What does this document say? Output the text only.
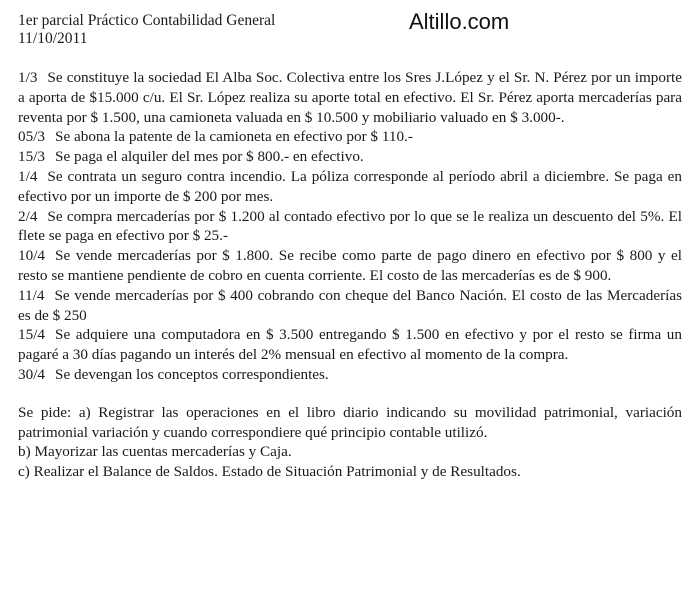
1er parcial Práctico Contabilidad General
11/10/2011
Altillo.com

1/3 Se constituye la sociedad El Alba Soc. Colectiva entre los Sres J.López y el Sr. N. Pérez por un importe a aporta de $15.000 c/u. El Sr. López realiza su aporte total en efectivo. El Sr. Pérez aporta mercaderías para reventa por $ 1.500, una camioneta valuada en $ 10.500 y mobiliario valuado en $ 3.000-.

05/3 Se abona la patente de la camioneta en efectivo por $ 110.-

15/3 Se paga el alquiler del mes por $ 800.- en efectivo.

1/4 Se contrata un seguro contra incendio. La póliza corresponde al período abril a diciembre. Se paga en efectivo por un importe de $ 200 por mes.

2/4 Se compra mercaderías por $ 1.200 al contado efectivo por lo que se le realiza un descuento del 5%. El flete se paga en efectivo por $ 25.-

10/4 Se vende mercaderías por $ 1.800. Se recibe como parte de pago dinero en efectivo por $ 800 y el resto se mantiene pendiente de cobro en cuenta corriente. El costo de las mercaderías es de $ 900.

11/4 Se vende mercaderías por $ 400 cobrando con cheque del Banco Nación. El costo de las Mercaderías es de $ 250

15/4 Se adquiere una computadora en $ 3.500 entregando $ 1.500 en efectivo y por el resto se firma un pagaré a 30 días pagando un interés del 2% mensual en efectivo al momento de la compra.

30/4 Se devengan los conceptos correspondientes.

Se pide: a) Registrar las operaciones en el libro diario indicando su movilidad patrimonial, variación patrimonial variación y cuando correspondiere qué principio contable utilizó.

b) Mayorizar las cuentas mercaderías y Caja.

c) Realizar el Balance de Saldos. Estado de Situación Patrimonial y de Resultados.
